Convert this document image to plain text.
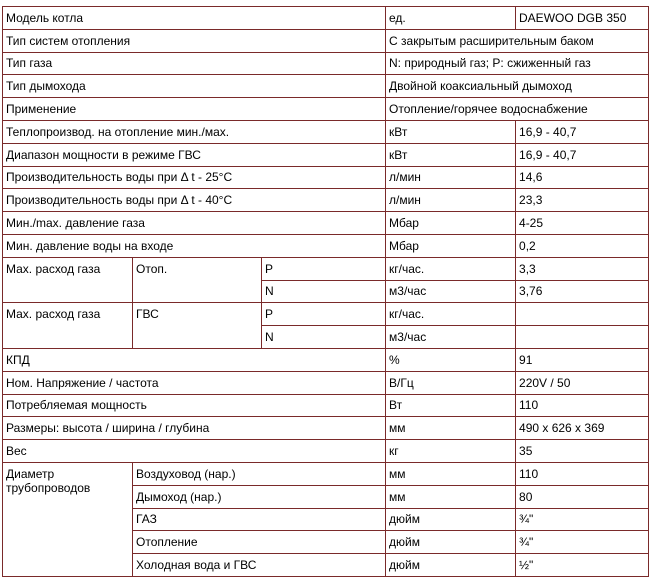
Модель котла			ед.	DAEWOO DGB 350
Тип систем отопления			С закрытым расширительным баком	
Тип газа			N: природный газ; P: сжиженный газ	
Тип дымохода			Двойной коаксиальный дымоход	
Применение			Отопление/горячее водоснабжение	
Теплопроизвод. на отопление мин./мах.			кВт	16,9 - 40,7
Диапазон мощности в режиме ГВС			кВт	16,9 - 40,7
Производительность воды при Δ t - 25°С			л/мин	14,6
Производительность воды при Δ t - 40°С			л/мин	23,3
Мин./max. давление газа			Мбар	4-25
Мин. давление воды на входе			Мбар	0,2
Мах. расход газа	Отоп.	P	кг/час.	3,3
		N	м3/час	3,76
Мах. расход газа	ГВС	P	кг/час.	
		N	м3/час	
КПД			%	91
Ном. Напряжение / частота			В/Гц	220V / 50
Потребляемая мощность			Вт	110
Размеры: высота / ширина / глубина			мм	490 x 626 x 369
Вес			кг	35
Диаметр трубопроводов	Воздуховод (нар.)		мм	110
	Дымоход (нар.)		мм	80
	ГАЗ		дюйм	¾"
	Отопление		дюйм	¾"
	Холодная вода и ГВС		дюйм	½"
